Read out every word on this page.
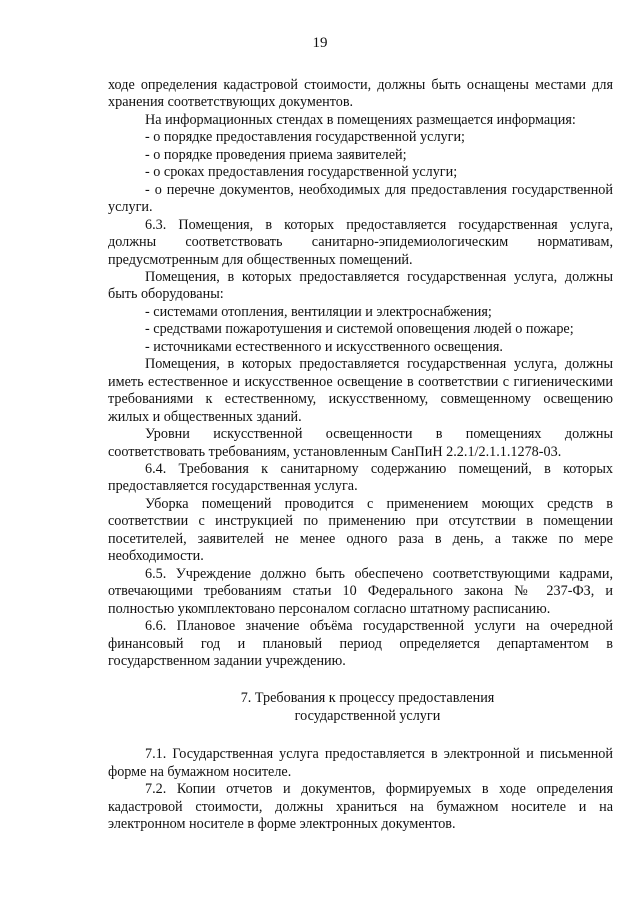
19

ходе определения кадастровой стоимости, должны быть оснащены местами для хранения соответствующих документов.

На информационных стендах в помещениях размещается информация:

- о порядке предоставления государственной услуги;

- о порядке проведения приема заявителей;

- о сроках предоставления государственной услуги;

- о перечне документов, необходимых для предоставления государственной услуги.

6.3. Помещения, в которых предоставляется государственная услуга, должны соответствовать санитарно-эпидемиологическим нормативам, предусмотренным для общественных помещений.

Помещения, в которых предоставляется государственная услуга, должны быть оборудованы:

- системами отопления, вентиляции и электроснабжения;

- средствами пожаротушения и системой оповещения людей о пожаре;

- источниками естественного и искусственного освещения.

Помещения, в которых предоставляется государственная услуга, должны иметь естественное и искусственное освещение в соответствии с гигиеническими требованиями к естественному, искусственному, совмещенному освещению жилых и общественных зданий.

Уровни искусственной освещенности в помещениях должны соответствовать требованиям, установленным СанПиН 2.2.1/2.1.1.1278-03.

6.4. Требования к санитарному содержанию помещений, в которых предоставляется государственная услуга.

Уборка помещений проводится с применением моющих средств в соответствии с инструкцией по применению при отсутствии в помещении посетителей, заявителей не менее одного раза в день, а также по мере необходимости.

6.5. Учреждение должно быть обеспечено соответствующими кадрами, отвечающими требованиям статьи 10 Федерального закона № 237-ФЗ, и полностью укомплектовано персоналом согласно штатному расписанию.

6.6. Плановое значение объёма государственной услуги на очередной финансовый год и плановый период определяется департаментом в государственном задании учреждению.

7. Требования к процессу предоставления
государственной услуги

7.1. Государственная услуга предоставляется в электронной и письменной форме на бумажном носителе.

7.2. Копии отчетов и документов, формируемых в ходе определения кадастровой стоимости, должны храниться на бумажном носителе и на электронном носителе в форме электронных документов.
